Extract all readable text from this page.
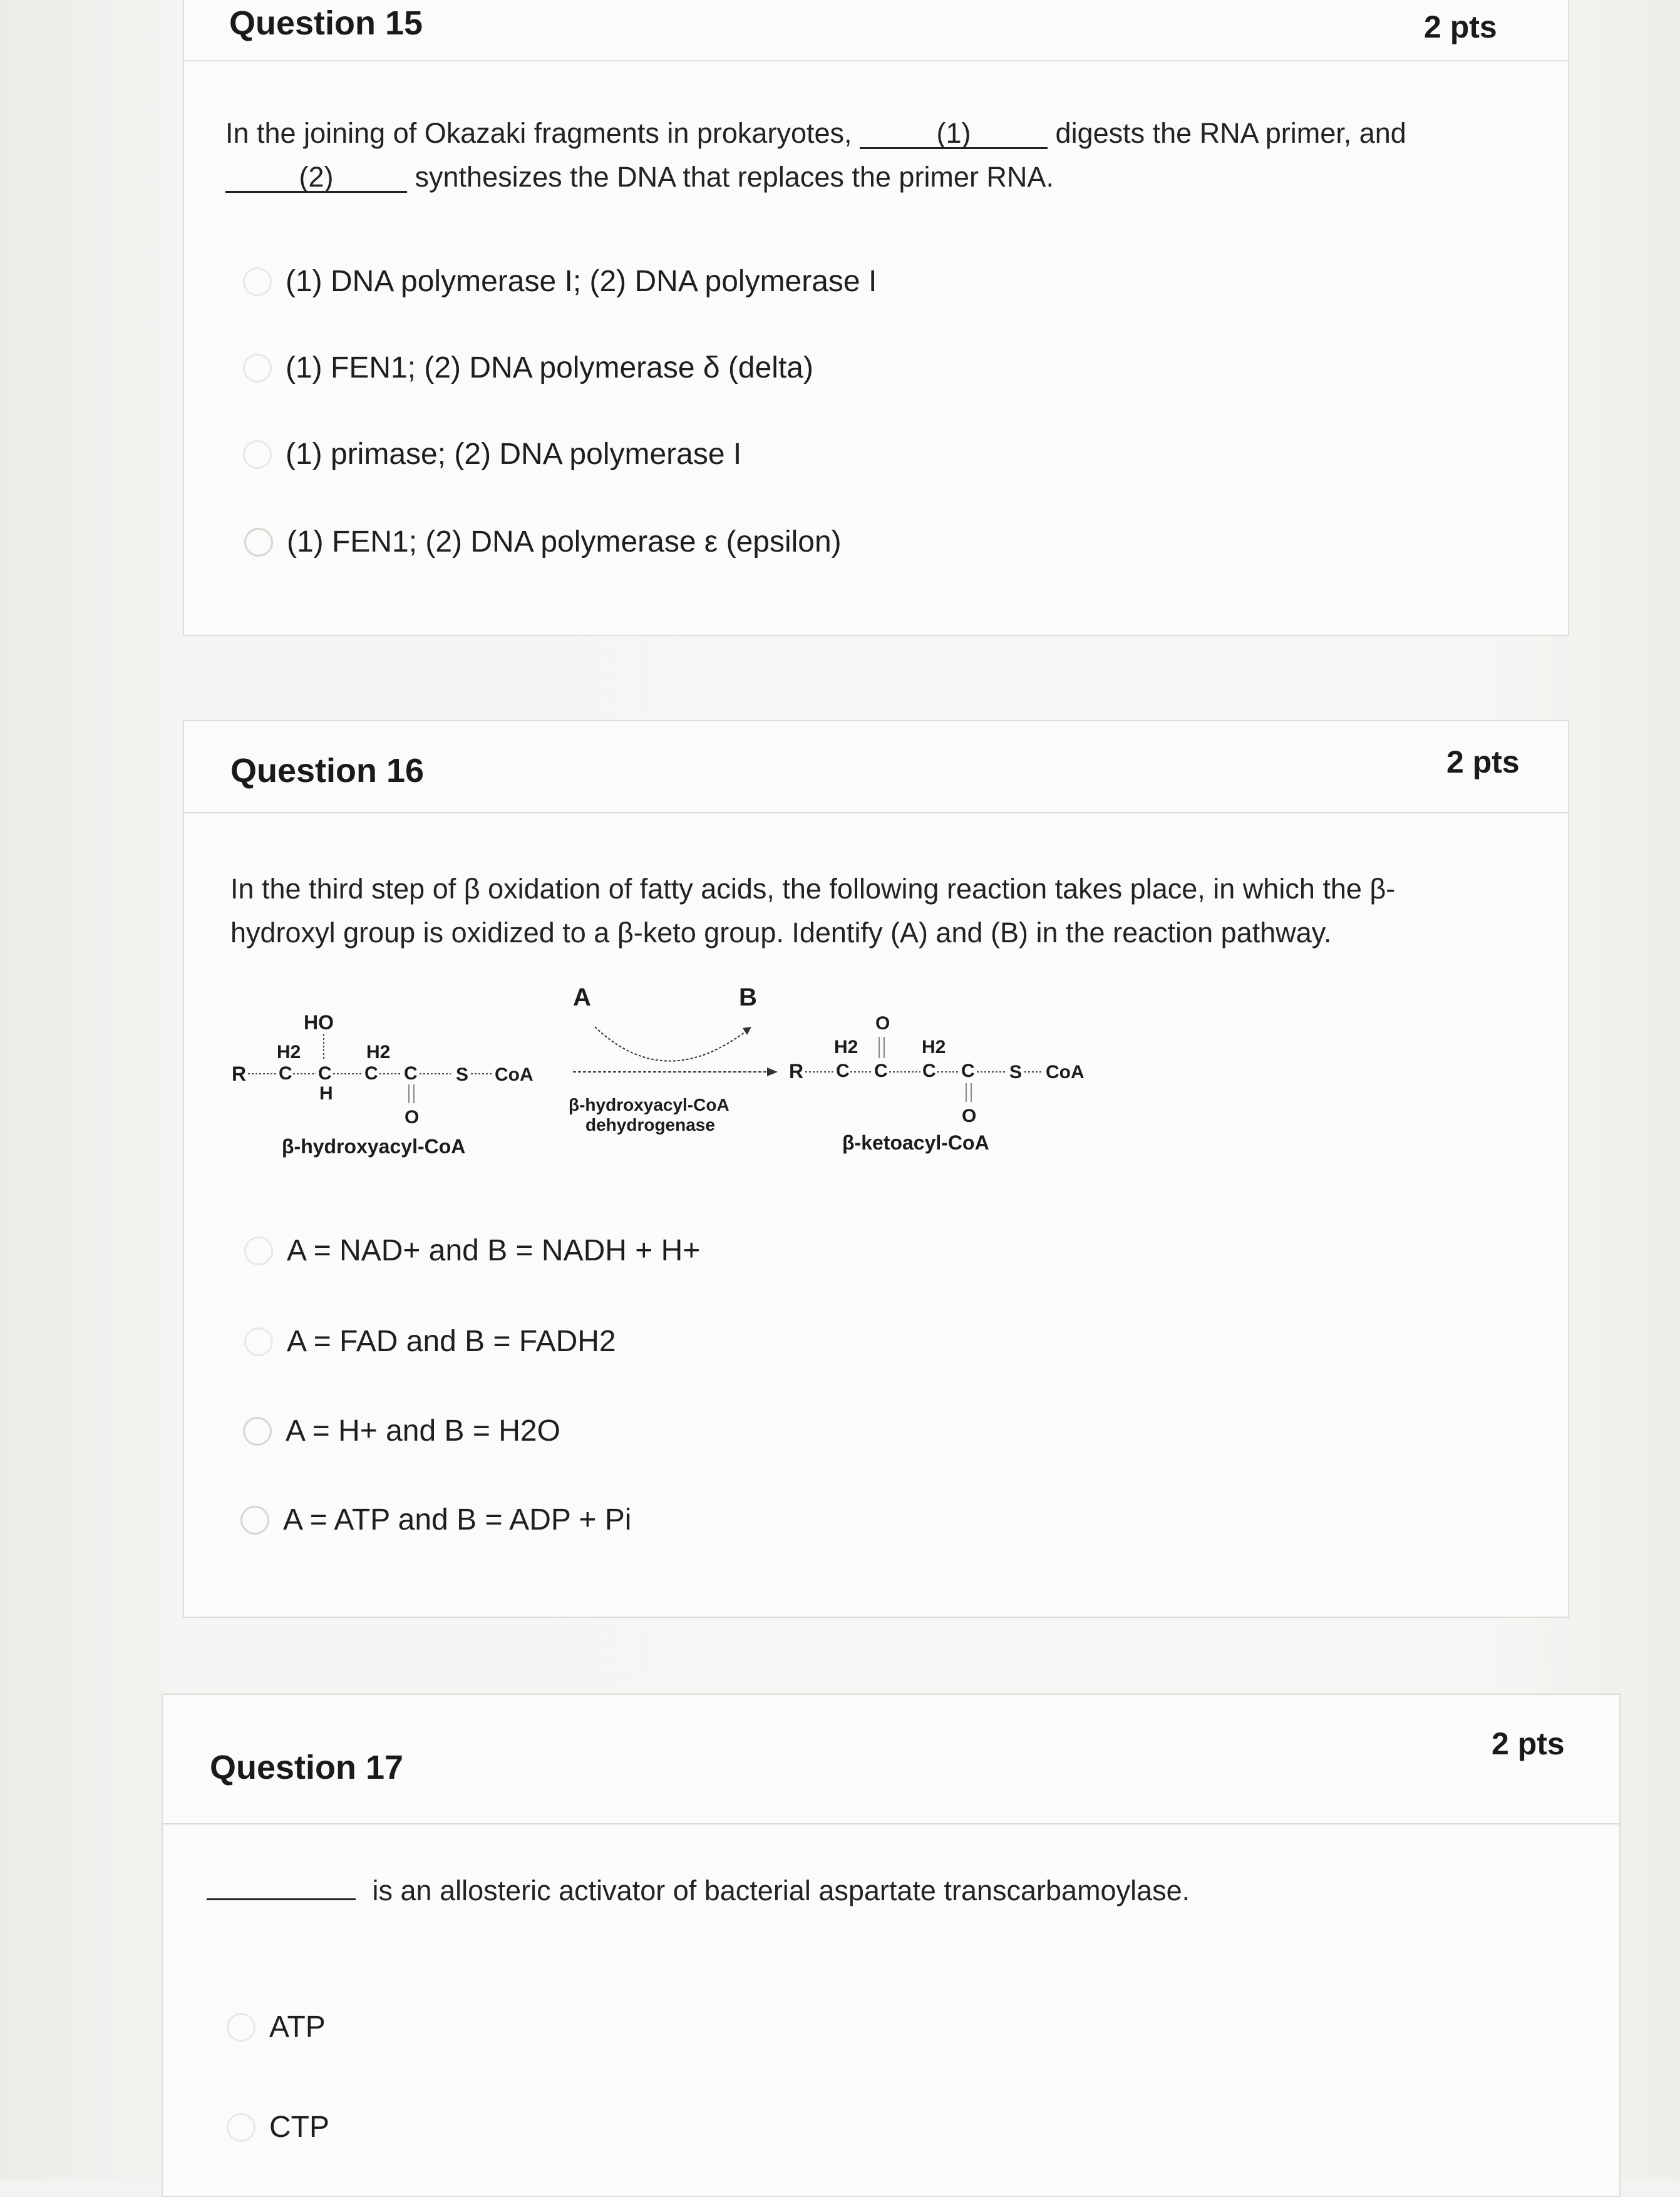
Question 15	2 pts
In the joining of Okazaki fragments in prokaryotes,	(1)	digests the RNA primer, and
(2)	synthesizes the DNA that replaces the primer RNA.
(1) DNA polymerase I; (2) DNA polymerase I
(1) FEN1; (2) DNA polymerase δ (delta)
(1) primase; (2) DNA polymerase I
(1) FEN1; (2) DNA polymerase ε (epsilon)
Question 16	2 pts
In the third step of β oxidation of fatty acids, the following reaction takes place, in which the β-
hydroxyl group is oxidized to a β-keto group. Identify (A) and (B) in the reaction pathway.
HO
H2	H2
R C C
H
C C
O
S CoA
β-hydroxyacyl-CoA
A	B
β-hydroxyacyl-CoA
dehydrogenase
O
H2	H2
R C C C C
O
S CoA
β-ketoacyl-CoA
A = NAD+ and B = NADH + H+
A = FAD and B = FADH2
A = H+ and B = H2O
A = ATP and B = ADP + Pi
Question 17
2 pts
is an allosteric activator of bacterial aspartate transcarbamoylase.
ATP
CTP
